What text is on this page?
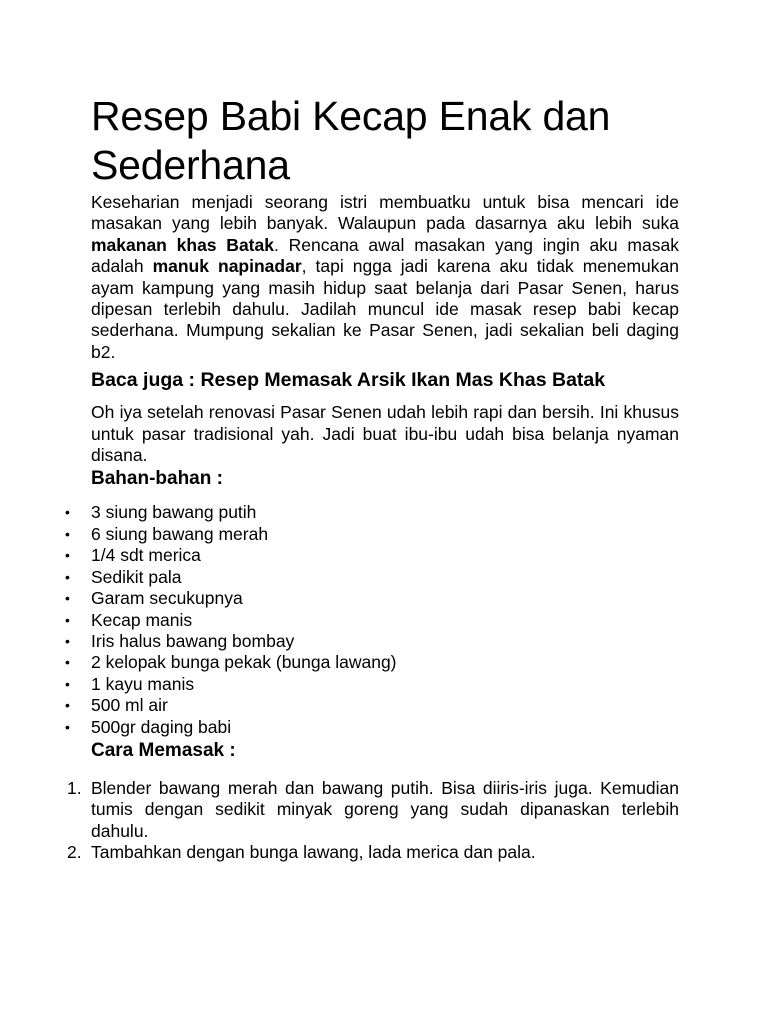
Resep Babi Kecap Enak dan Sederhana

Keseharian menjadi seorang istri membuatku untuk bisa mencari ide masakan yang lebih banyak. Walaupun pada dasarnya aku lebih suka makanan khas Batak. Rencana awal masakan yang ingin aku masak adalah manuk napinadar, tapi ngga jadi karena aku tidak menemukan ayam kampung yang masih hidup saat belanja dari Pasar Senen, harus dipesan terlebih dahulu. Jadilah muncul ide masak resep babi kecap sederhana. Mumpung sekalian ke Pasar Senen, jadi sekalian beli daging b2.

Baca juga : Resep Memasak Arsik Ikan Mas Khas Batak

Oh iya setelah renovasi Pasar Senen udah lebih rapi dan bersih. Ini khusus untuk pasar tradisional yah. Jadi buat ibu-ibu udah bisa belanja nyaman disana.

Bahan-bahan :
• 3 siung bawang putih
• 6 siung bawang merah
• 1/4 sdt merica
• Sedikit pala
• Garam secukupnya
• Kecap manis
• Iris halus bawang bombay
• 2 kelopak bunga pekak (bunga lawang)
• 1 kayu manis
• 500 ml air
• 500gr daging babi
Cara Memasak :
1. Blender bawang merah dan bawang putih. Bisa diiris-iris juga. Kemudian tumis dengan sedikit minyak goreng yang sudah dipanaskan terlebih dahulu.
2. Tambahkan dengan bunga lawang, lada merica dan pala.
